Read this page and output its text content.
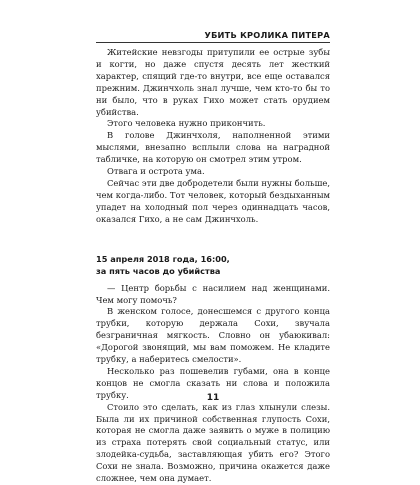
УБИТЬ КРОЛИКА ПИТЕРА

Житейские невзгоды притупили ее острые зубы и когти, но даже спустя десять лет жесткий характер, спящий где-то внутри, все еще оставался прежним. Джинчхоль знал лучше, чем кто-то бы то ни было, что в руках Гихо может стать орудием убийства.

Этого человека нужно прикончить.

В голове Джинчхоля, наполненной этими мыслями, внезапно всплыли слова на наградной табличке, на которую он смотрел этим утром.

Отвага и острота ума.

Сейчас эти две добродетели были нужны больше, чем когда-либо. Тот человек, который бездыханным упадет на холодный пол через одиннадцать часов, оказался Гихо, а не сам Джинчхоль.

15 апреля 2018 года, 16:00,
за пять часов до убийства

— Центр борьбы с насилием над женщинами. Чем могу помочь?

В женском голосе, донесшемся с другого конца трубки, которую держала Сохи, звучала безграничная мягкость. Словно он убаюкивал: «Дорогой звонящий, мы вам поможем. Не кладите трубку, а наберитесь смелости».

Несколько раз пошевелив губами, она в конце концов не смогла сказать ни слова и положила трубку.

Стоило это сделать, как из глаз хлынули слезы. Была ли их причиной собственная глупость Сохи, которая не смогла даже заявить о муже в полицию из страха потерять свой социальный статус, или злодейка-судьба, заставляющая убить его? Этого Сохи не знала. Возможно, причина окажется даже сложнее, чем она думает.

11
